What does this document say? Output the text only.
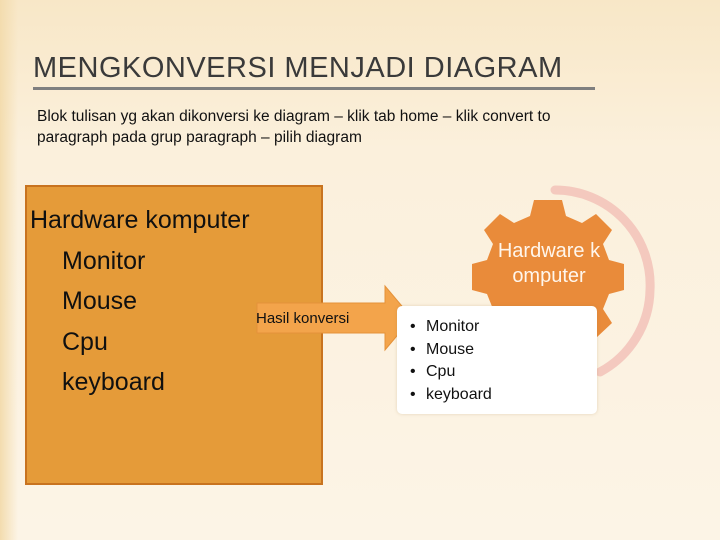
MENGKONVERSI MENJADI DIAGRAM
Blok tulisan yg akan dikonversi ke diagram – klik tab home – klik convert to paragraph pada grup paragraph – pilih diagram
Hardware komputer
Monitor
Mouse
Cpu
keyboard
Hasil konversi
Hardware komputer
• Monitor
• Mouse
• Cpu
• keyboard
